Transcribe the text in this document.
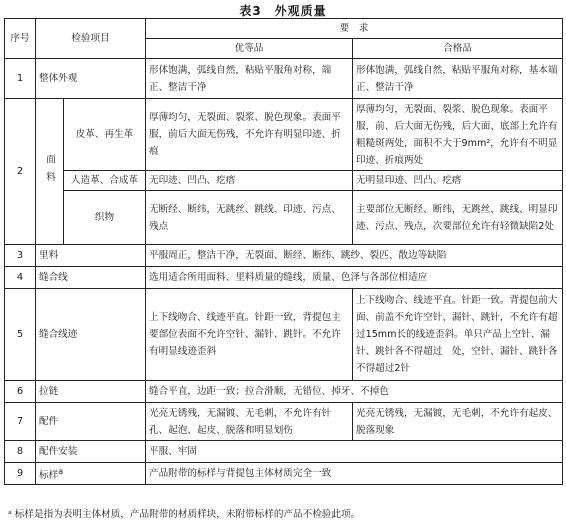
表3　外观质量
序号	检验项目		要　求	
			优等品	合格品
1	整体外观		形体饱满，弧线自然，粘贴平服角对称，端正、整洁干净	形体饱满，弧线自然，粘贴平服角对称，基本端正、整洁干净
2	面料	皮革、再生革	厚薄均匀，无裂面、裂浆、脱色现象。表面平服，前后大面无伤残，不允许有明显印迹、折痕	厚薄均匀，无裂面、裂浆、脱色现象。表面平服，前、后大面无伤残，后大面、底部上允许有粗糙斑两处，面积不大于9mm²，允许有不明显印迹、折痕两处
		人造革、合成革	无印迹、凹凸、疙瘩	无明显印迹、凹凸、疙瘩
		织物	无断经、断纬，无跳丝、跳线、印迹、污点、残点	主要部位无断经、断纬，无跳丝、跳线、明显印迹、污点、残点，次要部位允许有轻微缺陷2处
3	里料		平服周正，整洁干净，无裂面、断经、断纬、跳纱、裂匹、散边等缺陷	
4	缝合线		选用适合所用面料、里料质量的缝线，质量、色泽与各部位相适应	
5	缝合线迹		上下线吻合、线迹平直。针距一致，背提包主要部位表面不允许空针、漏针、跳针。不允许有明显线迹歪斜	上下线吻合、线迹平直。针距一致。背提包前大面、前盖不允许空针、漏针、跳针，不允许有超过15mm长的线迹歪斜。单只产品上空针、漏针、跳针各不得超过　处，空针、漏针、跳针各不得超过2针
6	拉链		缝合平直，边距一致；拉合滑顺，无错位、掉牙、不掉色	
7	配件		光亮无锈残，无漏镀、无毛刺，不允许有针孔、起泡、起皮、脱落和明显划伤	光亮无锈残，无漏镀，无毛刺，不允许有起皮、脱落现象
8	配件安装		平服、牢固	
9	标样$^a$		产品附带的标样与背提包主体材质完全一致	
ᵃ 标样是指为表明主体材质，产品附带的材质样块，未附带标样的产品不检验此项。
